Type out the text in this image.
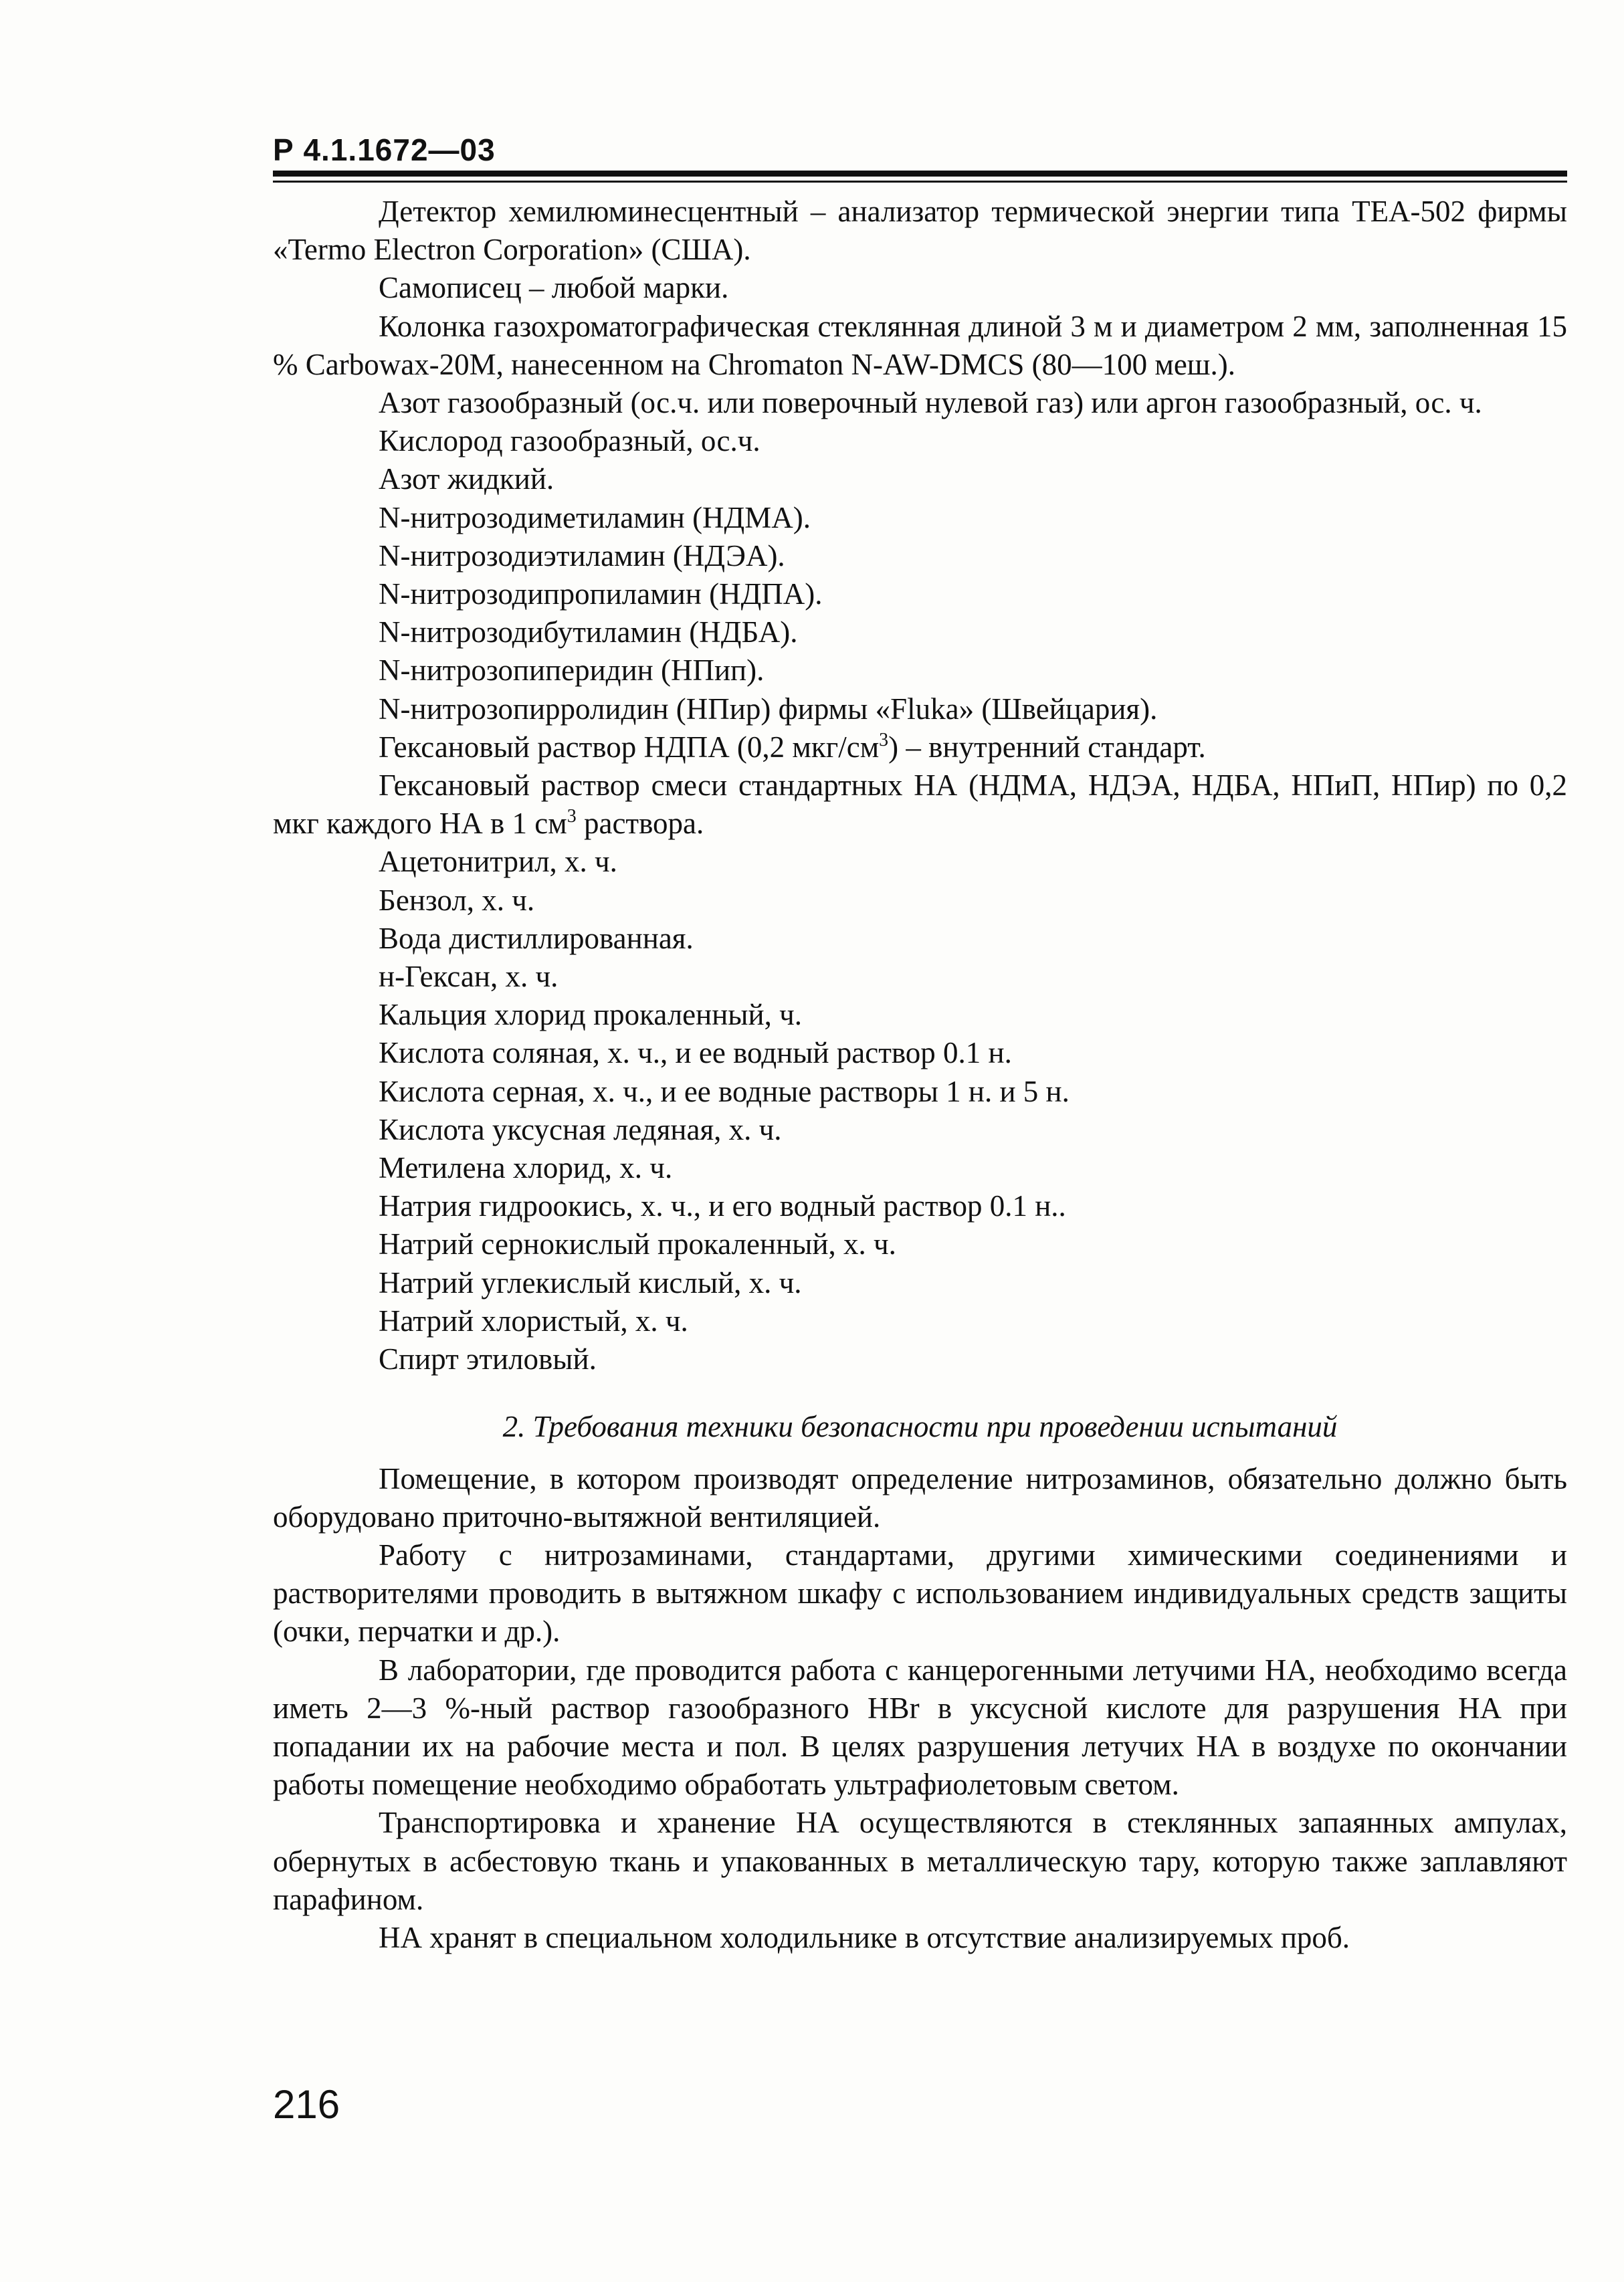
Р 4.1.1672—03

Детектор хемилюминесцентный – анализатор термической энергии типа ТЕА-502 фирмы «Termo Electron Corporation» (США).

Самописец – любой марки.

Колонка газохроматографическая стеклянная длиной 3 м и диаметром 2 мм, заполненная 15 % Carbowax-20M, нанесенном на Chromaton N-AW-DMCS (80—100 меш.).

Азот газообразный (ос.ч. или поверочный нулевой газ) или аргон газообразный, ос. ч.

Кислород газообразный, ос.ч.

Азот жидкий.

N-нитрозодиметиламин (НДМА).

N-нитрозодиэтиламин (НДЭА).

N-нитрозодипропиламин (НДПА).

N-нитрозодибутиламин (НДБА).

N-нитрозопиперидин (НПип).

N-нитрозопирролидин (НПир) фирмы «Fluka» (Швейцария).

Гексановый раствор НДПА (0,2 мкг/$см^3$) – внутренний стандарт.

Гексановый раствор смеси стандартных НА (НДМА, НДЭА, НДБА, НПиП, НПир) по 0,2 мкг каждого НА в 1 $см^3$ раствора.

Ацетонитрил, х. ч.

Бензол, х. ч.

Вода дистиллированная.

н-Гексан, х. ч.

Кальция хлорид прокаленный, ч.

Кислота соляная, х. ч., и ее водный раствор 0.1 н.

Кислота серная, х. ч., и ее водные растворы 1 н. и 5 н.

Кислота уксусная ледяная, х. ч.

Метилена хлорид, х. ч.

Натрия гидроокись, х. ч., и его водный раствор 0.1 н..

Натрий сернокислый прокаленный, х. ч.

Натрий углекислый кислый, х. ч.

Натрий хлористый, х. ч.

Спирт этиловый.

2. Требования техники безопасности при проведении испытаний

Помещение, в котором производят определение нитрозаминов, обязательно должно быть оборудовано приточно-вытяжной вентиляцией.

Работу с нитрозаминами, стандартами, другими химическими соединениями и растворителями проводить в вытяжном шкафу с использованием индивидуальных средств защиты (очки, перчатки и др.).

В лаборатории, где проводится работа с канцерогенными летучими НА, необходимо всегда иметь 2—3 %-ный раствор газообразного HBr в уксусной кислоте для разрушения НА при попадании их на рабочие места и пол. В целях разрушения летучих НА в воздухе по окончании работы помещение необходимо обработать ультрафиолетовым светом.

Транспортировка и хранение НА осуществляются в стеклянных запаянных ампулах, обернутых в асбестовую ткань и упакованных в металлическую тару, которую также заплавляют парафином.

НА хранят в специальном холодильнике в отсутствие анализируемых проб.

216
